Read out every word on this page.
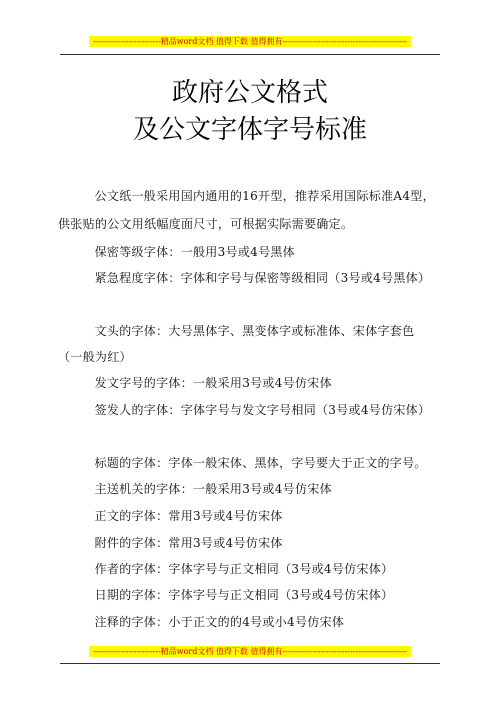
-------------------------精品word文档 值得下载 值得拥有----------------------------------------------
政府公文格式
及公文字体字号标准
　　公文纸一般采用国内通用的16开型，推荐采用国际标准A4型，
供张贴的公文用纸幅度面尺寸，可根据实际需要确定。
　　保密等级字体：一般用3号或4号黑体
　　紧急程度字体：字体和字号与保密等级相同（3号或4号黑体）
　　文头的字体：大号黑体字、黑变体字或标准体、宋体字套色
（一般为红）
　　发文字号的字体：一般采用3号或4号仿宋体
　　签发人的字体：字体字号与发文字号相同（3号或4号仿宋体）
　　标题的字体：字体一般宋体、黑体，字号要大于正文的字号。
　　主送机关的字体：一般采用3号或4号仿宋体
　　正文的字体：常用3号或4号仿宋体
　　附件的字体：常用3号或4号仿宋体
　　作者的字体：字体字号与正文相同（3号或4号仿宋体）
　　日期的字体：字体字号与正文相同（3号或4号仿宋体）
　　注释的字体：小于正文的的4号或小4号仿宋体
-------------------------精品word文档 值得下载 值得拥有----------------------------------------------
